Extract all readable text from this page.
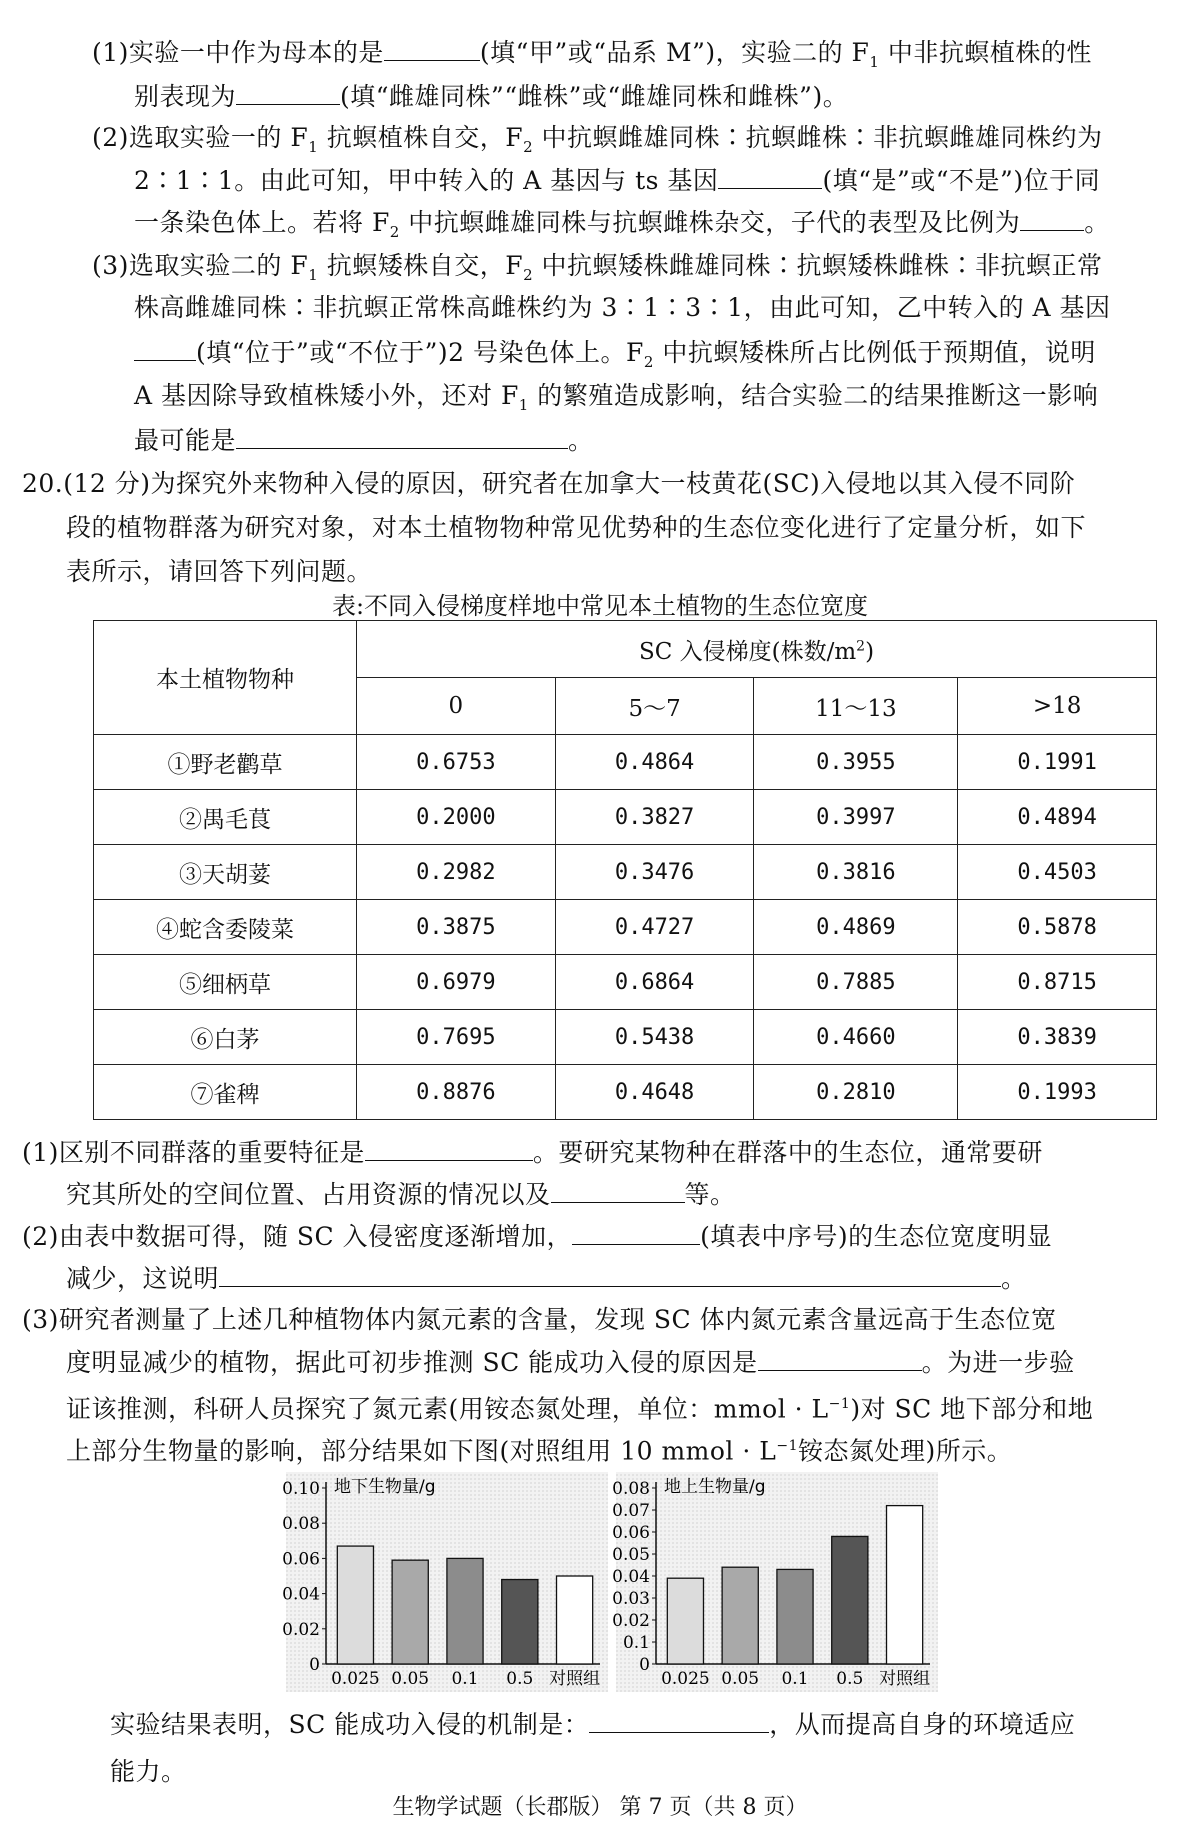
(1)实验一中作为母本的是	(填“甲”或“品系 M”)，实验二的 $F_1$ 中非抗螟植株的性
别表现为	(填“雌雄同株”“雌株”或“雌雄同株和雌株”)。
(2)选取实验一的 $F_1$ 抗螟植株自交，$F_2$ 中抗螟雌雄同株∶抗螟雌株∶非抗螟雌雄同株约为
2∶1∶1。由此可知，甲中转入的 A 基因与 ts 基因	(填“是”或“不是”)位于同
一条染色体上。若将 $F_2$ 中抗螟雌雄同株与抗螟雌株杂交，子代的表型及比例为	。
(3)选取实验二的 $F_1$ 抗螟矮株自交，$F_2$ 中抗螟矮株雌雄同株∶抗螟矮株雌株∶非抗螟正常
株高雌雄同株∶非抗螟正常株高雌株约为 3∶1∶3∶1，由此可知，乙中转入的 A 基因
(填“位于”或“不位于”)2 号染色体上。$F_2$ 中抗螟矮株所占比例低于预期值，说明
A 基因除导致植株矮小外，还对 $F_1$ 的繁殖造成影响，结合实验二的结果推断这一影响
最可能是	。
20.(12 分)为探究外来物种入侵的原因，研究者在加拿大一枝黄花(SC)入侵地以其入侵不同阶
段的植物群落为研究对象，对本土植物物种常见优势种的生态位变化进行了定量分析，如下
表:不同入侵梯度样地中常见本土植物的生态位宽度
本土植物物种	SC 入侵梯度(株数$/m^2$)			
	0	5～7	11～13	>18
①野老鹳草	0.6753	0.4864	0.3955	0.1991
②禺毛茛	0.2000	0.3827	0.3997	0.4894
③天胡荽	0.2982	0.3476	0.3816	0.4503
④蛇含委陵菜	0.3875	0.4727	0.4869	0.5878
⑤细柄草	0.6979	0.6864	0.7885	0.8715
⑥白茅	0.7695	0.5438	0.4660	0.3839
⑦雀稗	0.8876	0.4648	0.2810	0.1993
(1)区别不同群落的重要特征是	。要研究某物种在群落中的生态位，通常要研
究其所处的空间位置、占用资源的情况以及	等。
(2)由表中数据可得，随 SC 入侵密度逐渐增加，	(填表中序号)的生态位宽度明显
减少，这说明	。
(3)研究者测量了上述几种植物体内氮元素的含量，发现 SC 体内氮元素含量远高于生态位宽
度明显减少的植物，据此可初步推测 SC 能成功入侵的原因是	。为进一步验
证该推测，科研人员探究了氮元素(用铵态氮处理，单位：mmol · $L^{-1}$)对 SC 地下部分和地
上部分生物量的影响，部分结果如下图(对照组用 10 mmol · $L^{-1}$铵态氮处理)所示。
0
0.02
0.04
0.06
0.08
0.10 地下生物量/g
0.025 0.05 0.1 0.5 对照组
0
0.1
0.02
0.03
0.04
0.05
0.06
0.07
0.08 地上生物量/g
0.025 0.05 0.1 0.5 对照组
实验结果表明，SC 能成功入侵的机制是：	，从而提高自身的环境适应
生物学试题（长郡版） 第 7 页（共 8 页）
表所示，请回答下列问题。
能力。
